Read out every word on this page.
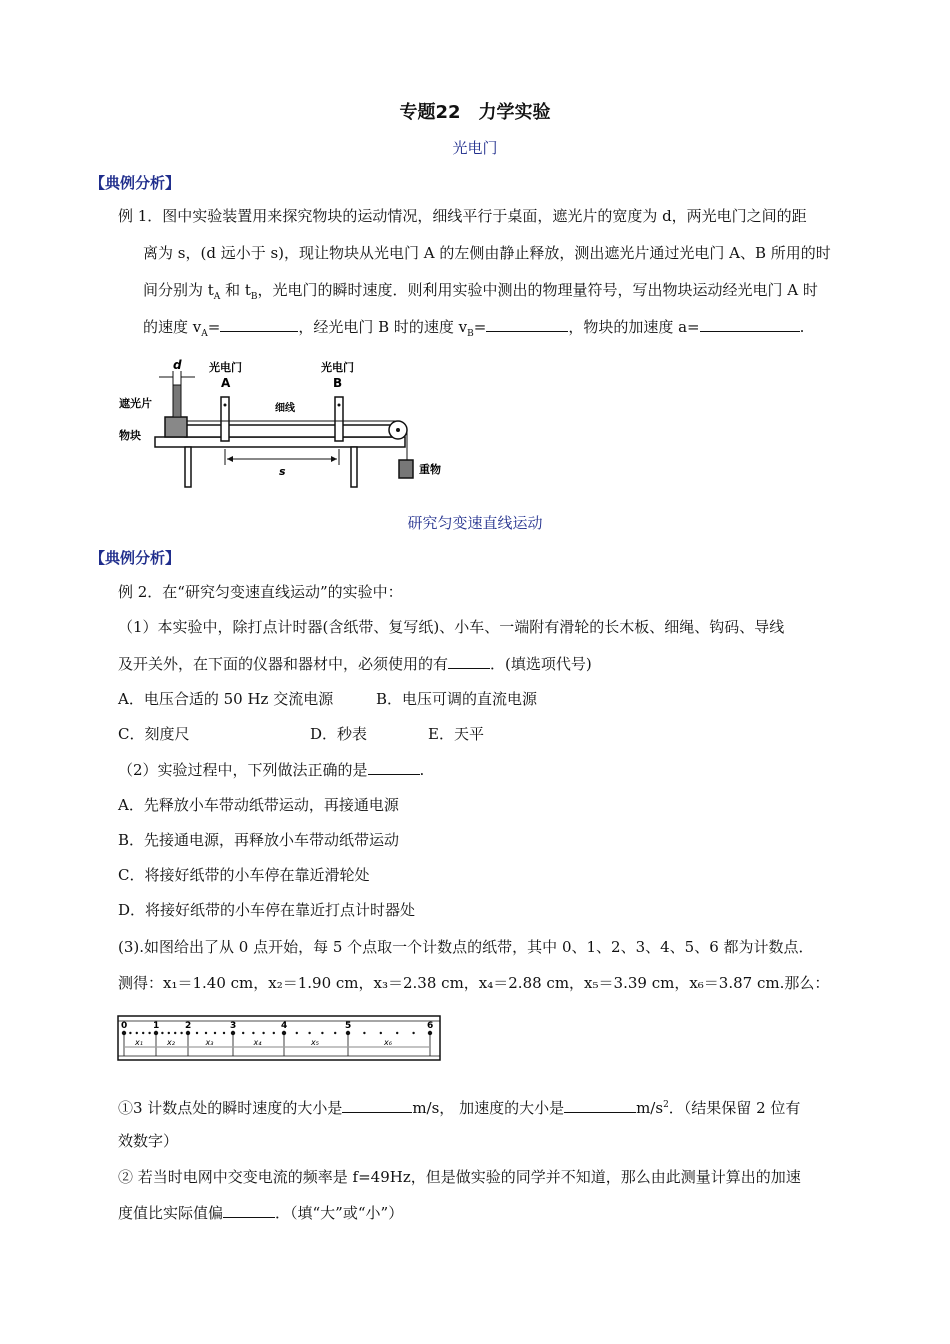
专题22　力学实验
光电门
【典例分析】
例 1．图中实验装置用来探究物块的运动情况，细线平行于桌面，遮光片的宽度为 d，两光电门之间的距
离为 s，(d 远小于 s)，现让物块从光电门 A 的左侧由静止释放，测出遮光片通过光电门 A、B 所用的时
间分别为 $t_A$ 和 $t_B$，光电门的瞬时速度．则利用实验中测出的物理量符号，写出物块运动经光电门 A 时
的速度 $v_A=$	，经光电门 B 时的速度 $v_B=$	，物块的加速度 a=	.
d 光电门
A
光电门
B
细线
重物
遮光片
物块
s
研究匀变速直线运动
【典例分析】
例 2．在“研究匀变速直线运动”的实验中：
（1）本实验中，除打点计时器(含纸带、复写纸)、小车、一端附有滑轮的长木板、细绳、钩码、导线
及开关外，在下面的仪器和器材中，必须使用的有	．(填选项代号)
A．电压合适的 50 Hz 交流电源	B．电压可调的直流电源
C．刻度尺	D．秒表	E．天平
（2）实验过程中，下列做法正确的是	.
A．先释放小车带动纸带运动，再接通电源
B．先接通电源，再释放小车带动纸带运动
C．将接好纸带的小车停在靠近滑轮处
D．将接好纸带的小车停在靠近打点计时器处
(3).如图给出了从 0 点开始，每 5 个点取一个计数点的纸带，其中 0、1、2、3、4、5、6 都为计数点．
测得：x₁＝1.40 cm，x₂＝1.90 cm，x₃＝2.38 cm，x₄＝2.88 cm，x₅＝3.39 cm，x₆＝3.87 cm.那么：
0
x₁
1
x₂
2
x₃
3
x₄
4
x₅
5
x₆
6
①3 计数点处的瞬时速度的大小是	m/s， 加速度的大小是	$m/s^2$．（结果保留 2 位有
效数字）
② 若当时电网中交变电流的频率是 f=49Hz，但是做实验的同学并不知道，那么由此测量计算出的加速
度值比实际值偏	．（填“大”或“小”）
